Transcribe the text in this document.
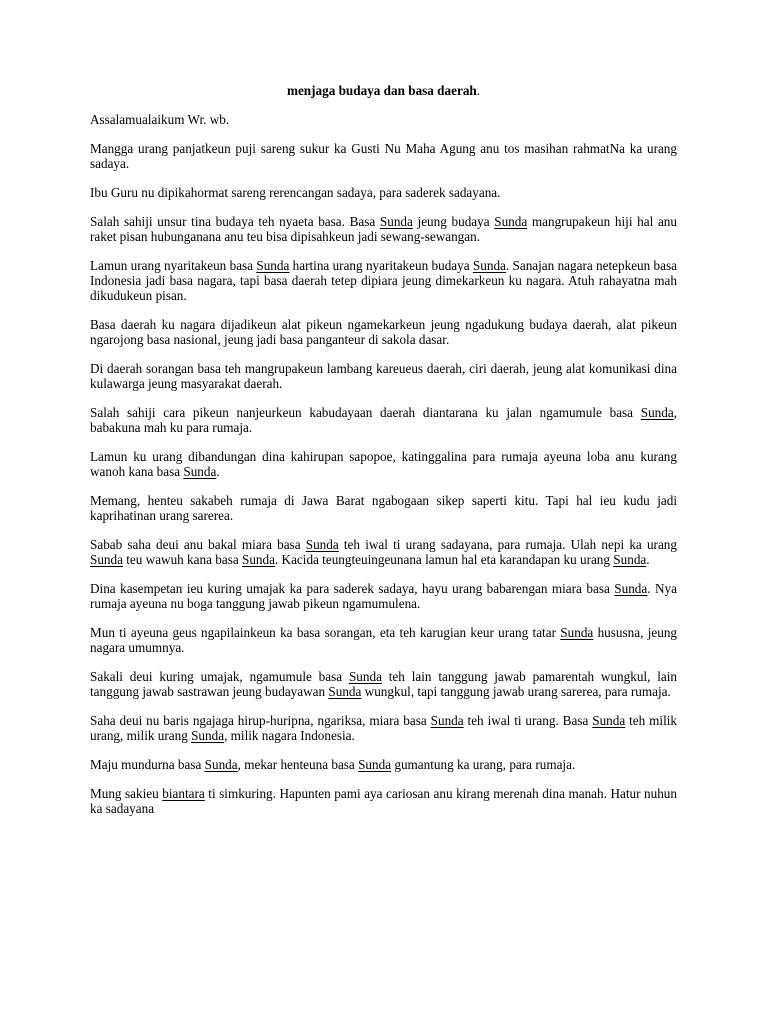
menjaga budaya dan basa daerah.

Assalamualaikum Wr. wb.

Mangga urang panjatkeun puji sareng sukur ka Gusti Nu Maha Agung anu tos masihan rahmatNa ka urang sadaya.

Ibu Guru nu dipikahormat sareng rerencangan sadaya, para saderek sadayana.

Salah sahiji unsur tina budaya teh nyaeta basa. Basa Sunda jeung budaya Sunda mangrupakeun hiji hal anu raket pisan hubunganana anu teu bisa dipisahkeun jadi sewang-sewangan.

Lamun urang nyaritakeun basa Sunda hartina urang nyaritakeun budaya Sunda. Sanajan nagara netepkeun basa Indonesia jadi basa nagara, tapi basa daerah tetep dipiara jeung dimekarkeun ku nagara. Atuh rahayatna mah dikudukeun pisan.

Basa daerah ku nagara dijadikeun alat pikeun ngamekarkeun jeung ngadukung budaya daerah, alat pikeun ngarojong basa nasional, jeung jadi basa panganteur di sakola dasar.

Di daerah sorangan basa teh mangrupakeun lambang kareueus daerah, ciri daerah, jeung alat komunikasi dina kulawarga jeung masyarakat daerah.

Salah sahiji cara pikeun nanjeurkeun kabudayaan daerah diantarana ku jalan ngamumule basa Sunda, babakuna mah ku para rumaja.

Lamun ku urang dibandungan dina kahirupan sapopoe, katinggalina para rumaja ayeuna loba anu kurang wanoh kana basa Sunda.

Memang, henteu sakabeh rumaja di Jawa Barat ngabogaan sikep saperti kitu. Tapi hal ieu kudu jadi kaprihatinan urang sarerea.

Sabab saha deui anu bakal miara basa Sunda teh iwal ti urang sadayana, para rumaja. Ulah nepi ka urang Sunda teu wawuh kana basa Sunda. Kacida teungteuingeunana lamun hal eta karandapan ku urang Sunda.

Dina kasempetan ieu kuring umajak ka para saderek sadaya, hayu urang babarengan miara basa Sunda. Nya rumaja ayeuna nu boga tanggung jawab pikeun ngamumulena.

Mun ti ayeuna geus ngapilainkeun ka basa sorangan, eta teh karugian keur urang tatar Sunda hususna, jeung nagara umumnya.

Sakali deui kuring umajak, ngamumule basa Sunda teh lain tanggung jawab pamarentah wungkul, lain tanggung jawab sastrawan jeung budayawan Sunda wungkul, tapi tanggung jawab urang sarerea, para rumaja.

Saha deui nu baris ngajaga hirup-huripna, ngariksa, miara basa Sunda teh iwal ti urang. Basa Sunda teh milik urang, milik urang Sunda, milik nagara Indonesia.

Maju mundurna basa Sunda, mekar henteuna basa Sunda gumantung ka urang, para rumaja.

Mung sakieu biantara ti simkuring. Hapunten pami aya cariosan anu kirang merenah dina manah. Hatur nuhun ka sadayana
